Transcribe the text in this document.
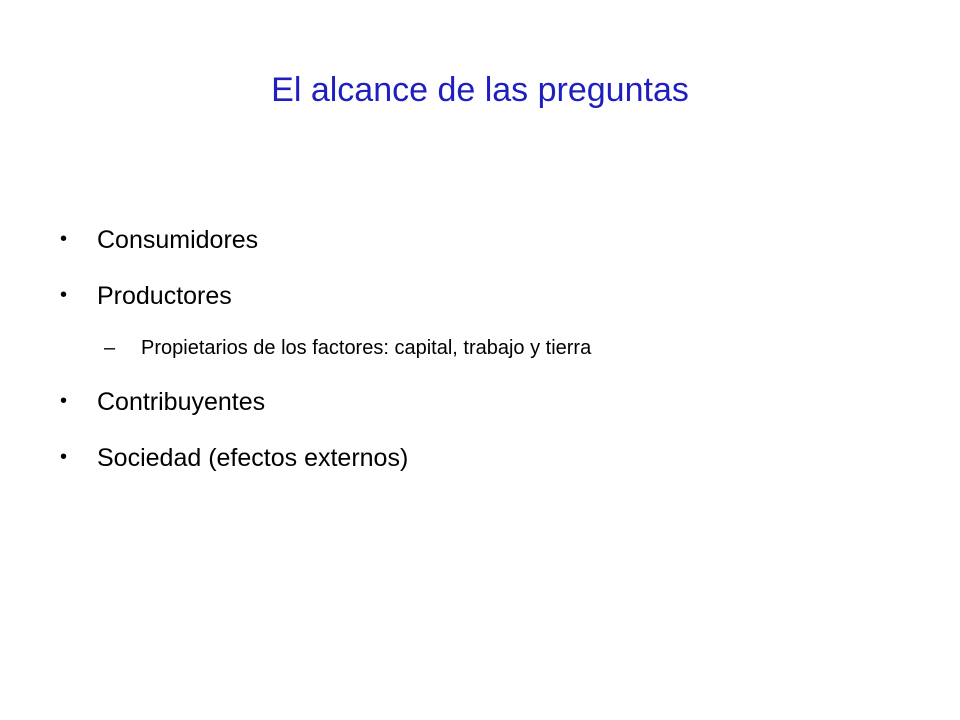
El alcance de las preguntas
• Consumidores
• Productores
– Propietarios de los factores: capital, trabajo y tierra
• Contribuyentes
• Sociedad (efectos externos)
